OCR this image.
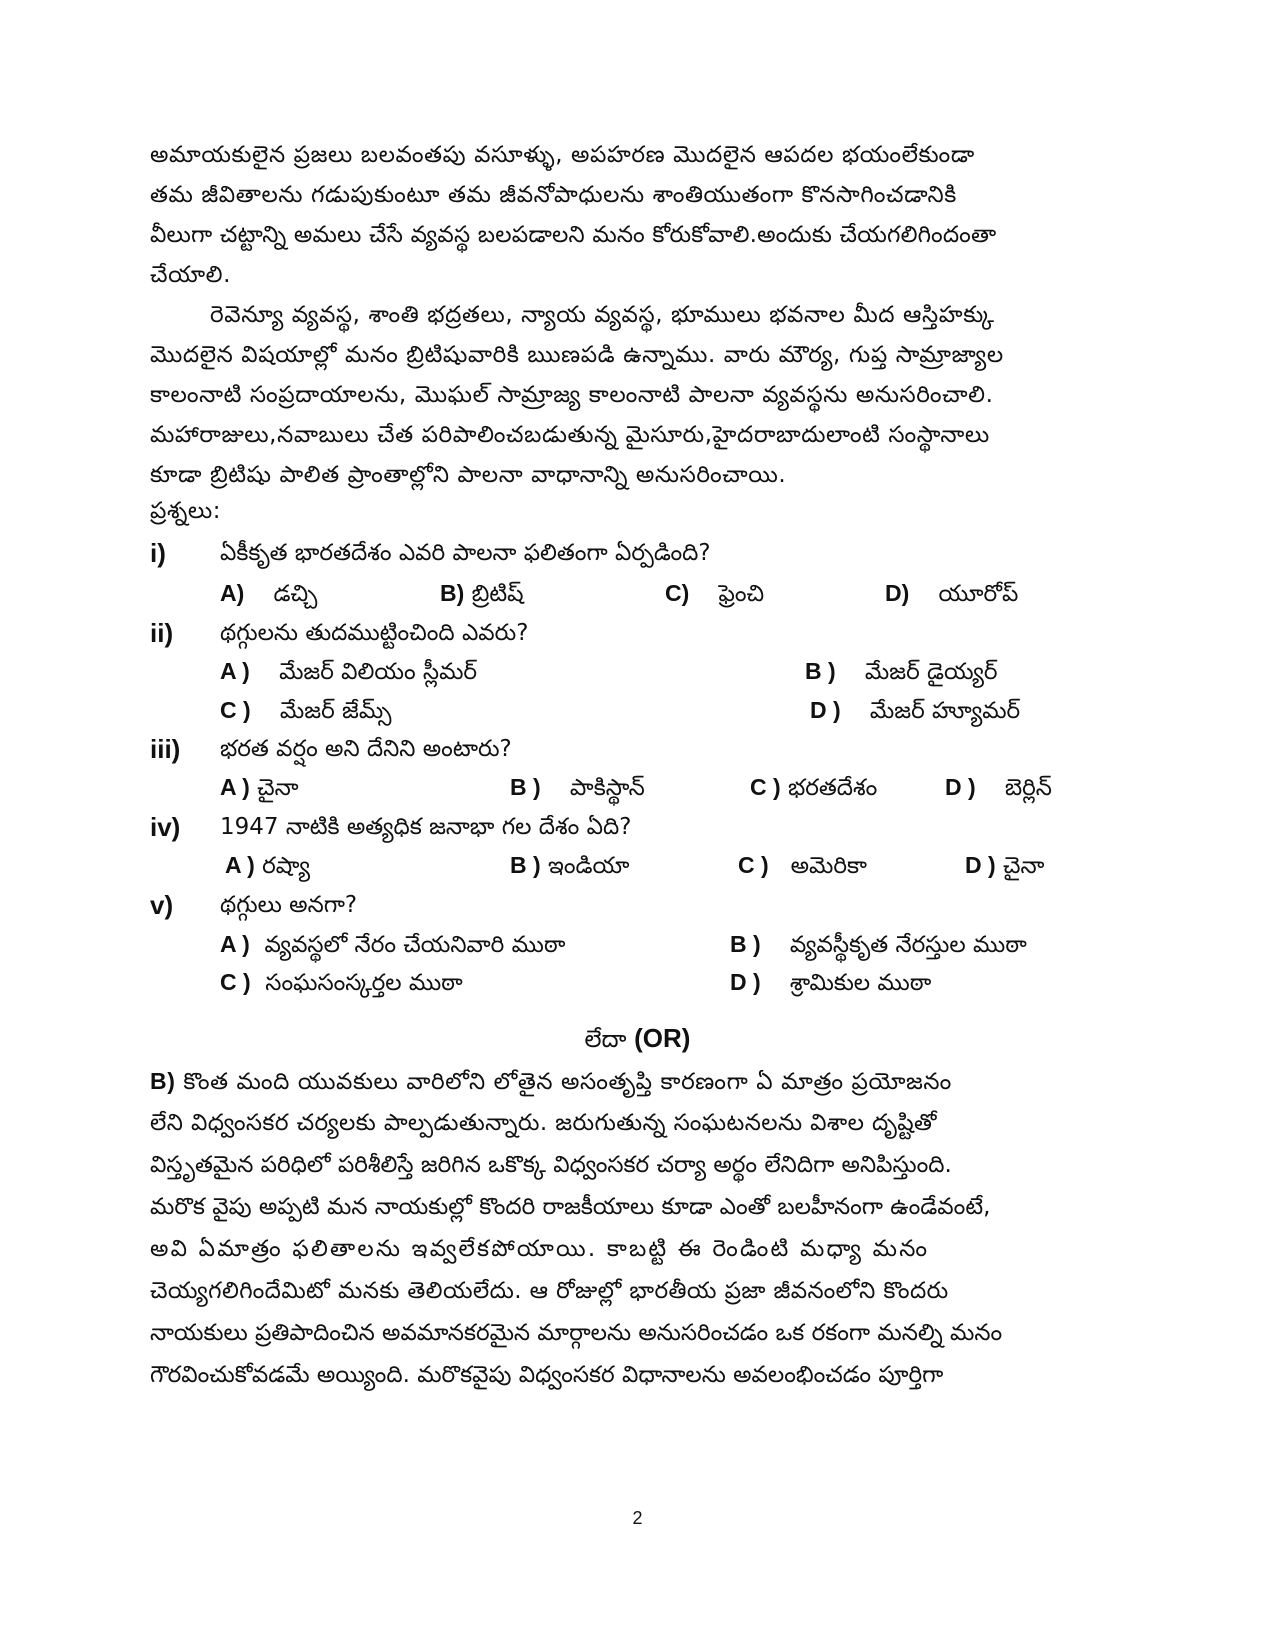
అమాయకులైన ప్రజలు బలవంతపు వసూళ్ళు, అపహరణ మొదలైన ఆపదల భయంలేకుండా
తమ జీవితాలను గడుపుకుంటూ తమ జీవనోపాధులను శాంతియుతంగా కొనసాగించడానికి
వీలుగా చట్టాన్ని అమలు చేసే వ్యవస్థ బలపడాలని మనం కోరుకోవాలి.అందుకు చేయగలిగిందంతా
చేయాలి.
రెవెన్యూ వ్యవస్థ, శాంతి భద్రతలు, న్యాయ వ్యవస్థ, భూములు భవనాల మీద ఆస్తిహక్కు
మొదలైన విషయాల్లో మనం బ్రిటిషువారికి ఋణపడి ఉన్నాము. వారు మౌర్య, గుప్త సామ్రాజ్యాల
కాలంనాటి సంప్రదాయాలను, మొఘల్ సామ్రాజ్య కాలంనాటి పాలనా వ్యవస్థను అనుసరించాలి.
మహారాజులు,నవాబులు చేత పరిపాలించబడుతున్న మైసూరు,హైదరాబాదులాంటి సంస్థానాలు
కూడా బ్రిటిషు పాలిత ప్రాంతాల్లోని పాలనా వాధానాన్ని అనుసరించాయి.
ప్రశ్నలు:
i) ఏకీకృత భారతదేశం ఎవరి పాలనా ఫలితంగా ఏర్పడింది?
A) డచ్చి	B) బ్రిటిష్	C) ఫ్రెంచి	D) యూరోప్
ii) థగ్గులను తుదముట్టించింది ఎవరు?
A ) మేజర్ విలియం స్లీమర్	B ) మేజర్ డైయ్యర్
C ) మేజర్ జేమ్స్	D ) మేజర్ హ్యూమర్
iii) భరత వర్షం అని దేనిని అంటారు?
A ) చైనా	B ) పాకిస్థాన్	C ) భరతదేశం	D ) బెర్లిన్
iv) 1947 నాటికి అత్యధిక జనాభా గల దేశం ఏది?
A ) రష్యా	B ) ఇండియా	C ) అమెరికా	D ) చైనా
v) థగ్గులు అనగా?
A ) వ్యవస్థలో నేరం చేయనివారి ముఠా	B ) వ్యవస్థీకృత నేరస్తుల ముఠా
C ) సంఘసంస్కర్తల ముఠా	D ) శ్రామికుల ముఠా
లేదా (OR)
B) కొంత మంది యువకులు వారిలోని లోతైన అసంతృప్తి కారణంగా ఏ మాత్రం ప్రయోజనం
లేని విధ్వంసకర చర్యలకు పాల్పడుతున్నారు. జరుగుతున్న సంఘటనలను విశాల దృష్టితో
విస్తృతమైన పరిధిలో పరిశీలిస్తే జరిగిన ఒకొక్క విధ్వంసకర చర్యా అర్థం లేనిదిగా అనిపిస్తుంది.
మరొక వైపు అప్పటి మన నాయకుల్లో కొందరి రాజకీయాలు కూడా ఎంతో బలహీనంగా ఉండేవంటే,
అవి ఏమాత్రం ఫలితాలను ఇవ్వలేకపోయాయి. కాబట్టి ఈ రెండింటి మధ్యా మనం
చెయ్యగలిగిందేమిటో మనకు తెలియలేదు. ఆ రోజుల్లో భారతీయ ప్రజా జీవనంలోని కొందరు
నాయకులు ప్రతిపాదించిన అవమానకరమైన మార్గాలను అనుసరించడం ఒక రకంగా మనల్ని మనం
గౌరవించుకోవడమే అయ్యింది. మరొకవైపు విధ్వంసకర విధానాలను అవలంభించడం పూర్తిగా
2
